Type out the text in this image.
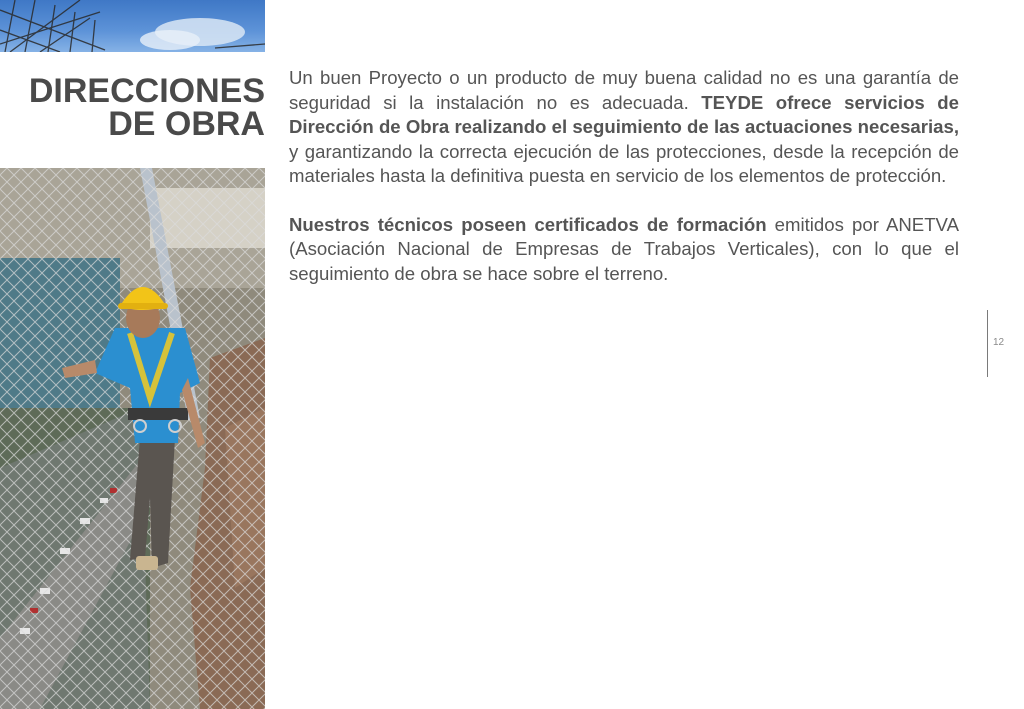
DIRECCIONES
DE OBRA

Un buen Proyecto o un producto de muy buena calidad no es una garantía de seguridad si la instalación no es adecuada. TEYDE ofrece servicios de Dirección de Obra realizando el seguimiento de las actuaciones necesarias, y garantizando la correcta ejecución de las protecciones, desde la recepción de materiales hasta la definitiva puesta en servicio de los elementos de protección.

Nuestros técnicos poseen certificados de formación emitidos por ANETVA (Asociación Nacional de Empresas de Trabajos Verticales), con lo que el seguimiento de obra se hace sobre el terreno.

12
